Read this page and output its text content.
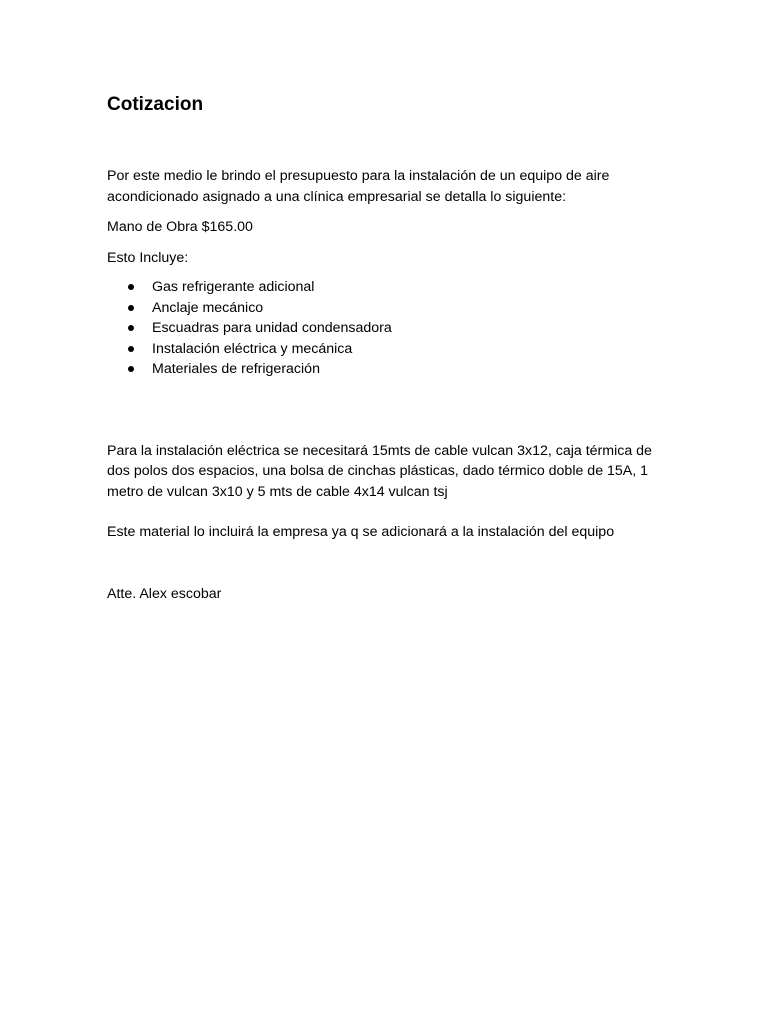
Cotizacion

Por este medio le brindo el presupuesto para la instalación de un equipo de aire acondicionado asignado a una clínica empresarial se detalla lo siguiente:

Mano de Obra $165.00

Esto Incluye:

Gas refrigerante adicional
Anclaje mecánico
Escuadras para unidad condensadora
Instalación eléctrica y mecánica
Materiales de refrigeración

Para la instalación eléctrica se necesitará 15mts de cable vulcan 3x12, caja térmica de dos polos dos espacios, una bolsa de cinchas plásticas, dado térmico doble de 15A, 1 metro de vulcan 3x10 y 5 mts de cable 4x14 vulcan tsj

Este material lo incluirá la empresa ya q se adicionará a la instalación del equipo

Atte. Alex escobar
